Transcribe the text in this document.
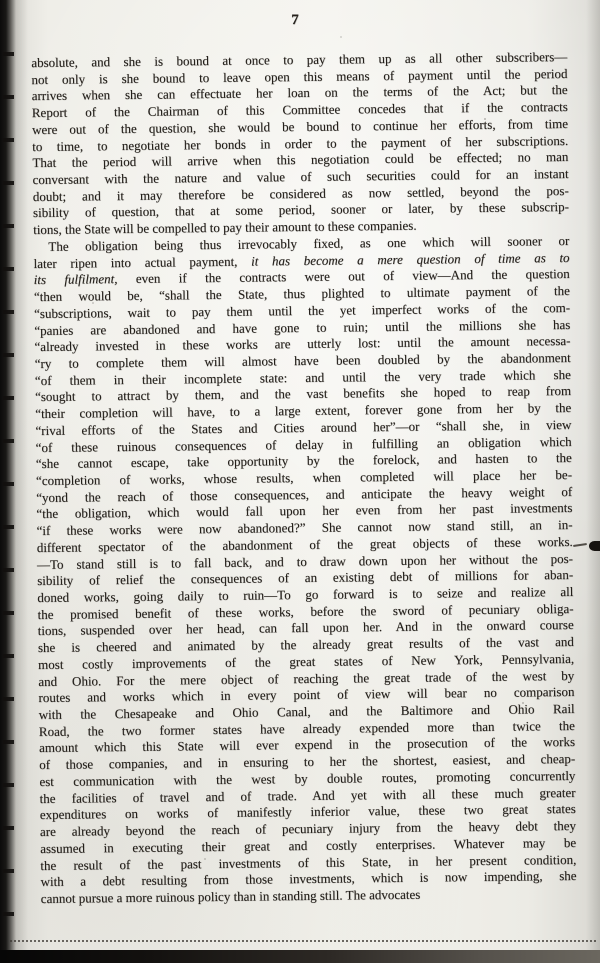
7
absolute, and she is bound at once to pay them up as all other subscribers—
not only is she bound to leave open this means of payment until the period
arrives when she can effectuate her loan on the terms of the Act; but the
Report of the Chairman of this Committee concedes that if the contracts
were out of the question, she would be bound to continue her efforts, from time
to time, to negotiate her bonds in order to the payment of her subscriptions.
That the period will arrive when this negotiation could be effected; no man
conversant with the nature and value of such securities could for an instant
doubt; and it may therefore be considered as now settled, beyond the pos-
sibility of question, that at some period, sooner or later, by these subscrip-
tions, the State will be compelled to pay their amount to these companies.
The obligation being thus irrevocably fixed, as one which will sooner or
later ripen into actual payment, it has become a mere question of time as to
its fulfilment, even if the contracts were out of view—And the question
“then would be, “shall the State, thus plighted to ultimate payment of the
“subscriptions, wait to pay them until the yet imperfect works of the com-
“panies are abandoned and have gone to ruin; until the millions she has
“already invested in these works are utterly lost: until the amount necessa-
“ry to complete them will almost have been doubled by the abandonment
“of them in their incomplete state: and until the very trade which she
“sought to attract by them, and the vast benefits she hoped to reap from
“their completion will have, to a large extent, forever gone from her by the
“rival efforts of the States and Cities around her”—or “shall she, in view
“of these ruinous consequences of delay in fulfilling an obligation which
“she cannot escape, take opportunity by the forelock, and hasten to the
“completion of works, whose results, when completed will place her be-
“yond the reach of those consequences, and anticipate the heavy weight of
“the obligation, which would fall upon her even from her past investments
“if these works were now abandoned?” She cannot now stand still, an in-
different spectator of the abandonment of the great objects of these works.
—To stand still is to fall back, and to draw down upon her without the pos-
sibility of relief the consequences of an existing debt of millions for aban-
doned works, going daily to ruin—To go forward is to seize and realize all
the promised benefit of these works, before the sword of pecuniary obliga-
tions, suspended over her head, can fall upon her. And in the onward course
she is cheered and animated by the already great results of the vast and
most costly improvements of the great states of New York, Pennsylvania,
and Ohio. For the mere object of reaching the great trade of the west by
routes and works which in every point of view will bear no comparison
with the Chesapeake and Ohio Canal, and the Baltimore and Ohio Rail
Road, the two former states have already expended more than twice the
amount which this State will ever expend in the prosecution of the works
of those companies, and in ensuring to her the shortest, easiest, and cheap-
est communication with the west by double routes, promoting concurrently
the facilities of travel and of trade. And yet with all these much greater
expenditures on works of manifestly inferior value, these two great states
are already beyond the reach of pecuniary injury from the heavy debt they
assumed in executing their great and costly enterprises. Whatever may be
the result of the past investments of this State, in her present condition,
with a debt resulting from those investments, which is now impending, she
cannot pursue a more ruinous policy than in standing still. The advocates
